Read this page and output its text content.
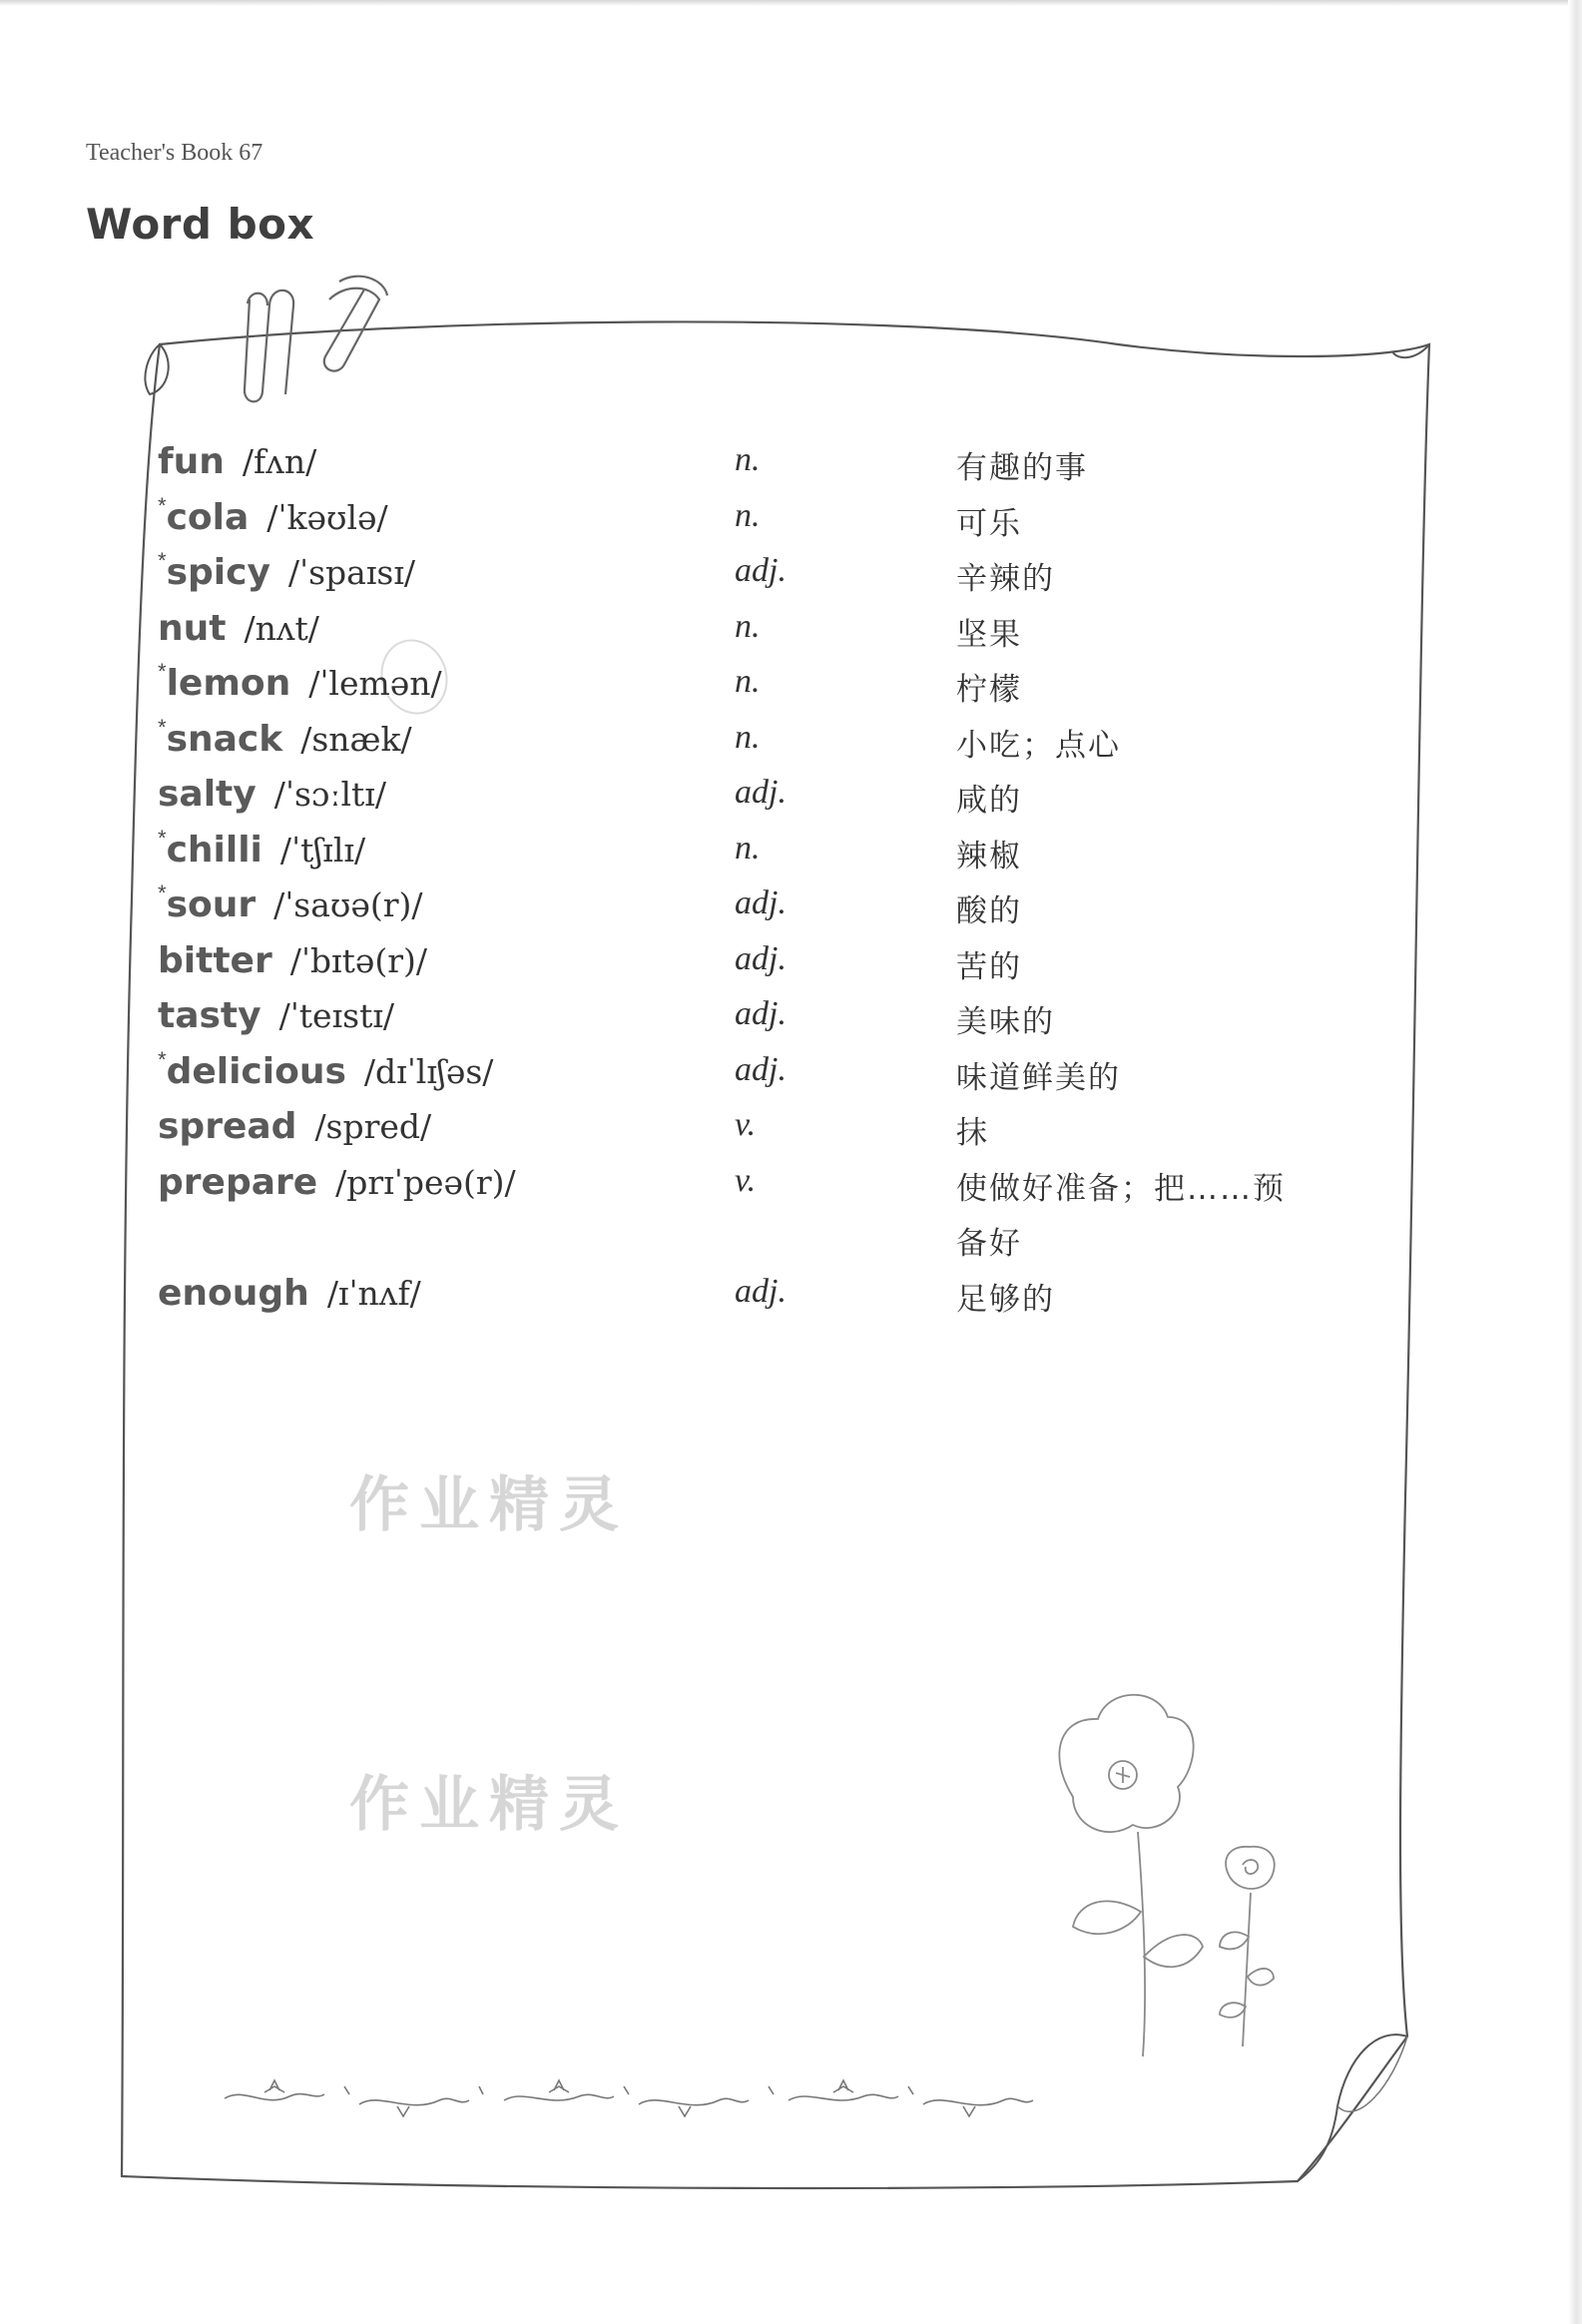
Teacher's Book 67
Word box
fun /fʌn/	n.	有趣的事
*cola /ˈkəʊlə/	n.	可乐
*spicy /ˈspaɪsɪ/	adj.	辛辣的
nut /nʌt/	n.	坚果
*lemon /ˈlemən/	n.	柠檬
*snack /snæk/	n.	小吃；点心
salty /ˈsɔːltɪ/	adj.	咸的
*chilli /ˈtʃɪlɪ/	n.	辣椒
*sour /ˈsaʊə(r)/	adj.	酸的
bitter /ˈbɪtə(r)/	adj.	苦的
tasty /ˈteɪstɪ/	adj.	美味的
*delicious /dɪˈlɪʃəs/	adj.	味道鲜美的
spread /spred/	v.	抹
prepare /prɪˈpeə(r)/	v.	使做好准备；把……预备好
enough /ɪˈnʌf/	adj.	足够的
作业精灵
作业精灵
